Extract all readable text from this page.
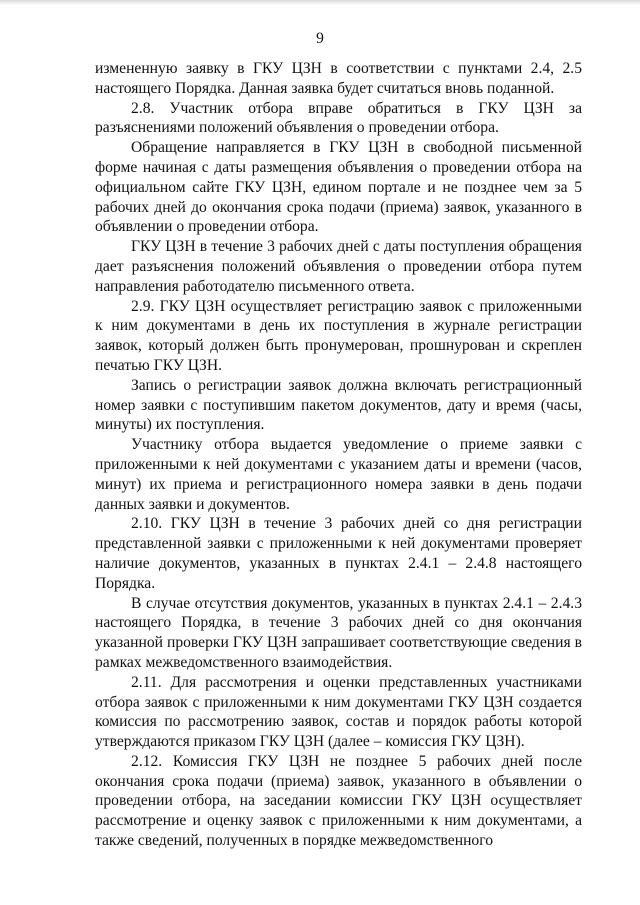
9

измененную заявку в ГКУ ЦЗН в соответствии с пунктами 2.4, 2.5 настоящего Порядка. Данная заявка будет считаться вновь поданной.

2.8. Участник отбора вправе обратиться в ГКУ ЦЗН за разъяснениями положений объявления о проведении отбора.

Обращение направляется в ГКУ ЦЗН в свободной письменной форме начиная с даты размещения объявления о проведении отбора на официальном сайте ГКУ ЦЗН, едином портале и не позднее чем за 5 рабочих дней до окончания срока подачи (приема) заявок, указанного в объявлении о проведении отбора.

ГКУ ЦЗН в течение 3 рабочих дней с даты поступления обращения дает разъяснения положений объявления о проведении отбора путем направления работодателю письменного ответа.

2.9. ГКУ ЦЗН осуществляет регистрацию заявок с приложенными к ним документами в день их поступления в журнале регистрации заявок, который должен быть пронумерован, прошнурован и скреплен печатью ГКУ ЦЗН.

Запись о регистрации заявок должна включать регистрационный номер заявки с поступившим пакетом документов, дату и время (часы, минуты) их поступления.

Участнику отбора выдается уведомление о приеме заявки с приложенными к ней документами с указанием даты и времени (часов, минут) их приема и регистрационного номера заявки в день подачи данных заявки и документов.

2.10. ГКУ ЦЗН в течение 3 рабочих дней со дня регистрации представленной заявки с приложенными к ней документами проверяет наличие документов, указанных в пунктах 2.4.1 – 2.4.8 настоящего Порядка.

В случае отсутствия документов, указанных в пунктах 2.4.1 – 2.4.3 настоящего Порядка, в течение 3 рабочих дней со дня окончания указанной проверки ГКУ ЦЗН запрашивает соответствующие сведения в рамках межведомственного взаимодействия.

2.11. Для рассмотрения и оценки представленных участниками отбора заявок с приложенными к ним документами ГКУ ЦЗН создается комиссия по рассмотрению заявок, состав и порядок работы которой утверждаются приказом ГКУ ЦЗН (далее – комиссия ГКУ ЦЗН).

2.12. Комиссия ГКУ ЦЗН не позднее 5 рабочих дней после окончания срока подачи (приема) заявок, указанного в объявлении о проведении отбора, на заседании комиссии ГКУ ЦЗН осуществляет рассмотрение и оценку заявок с приложенными к ним документами, а также сведений, полученных в порядке межведомственного
